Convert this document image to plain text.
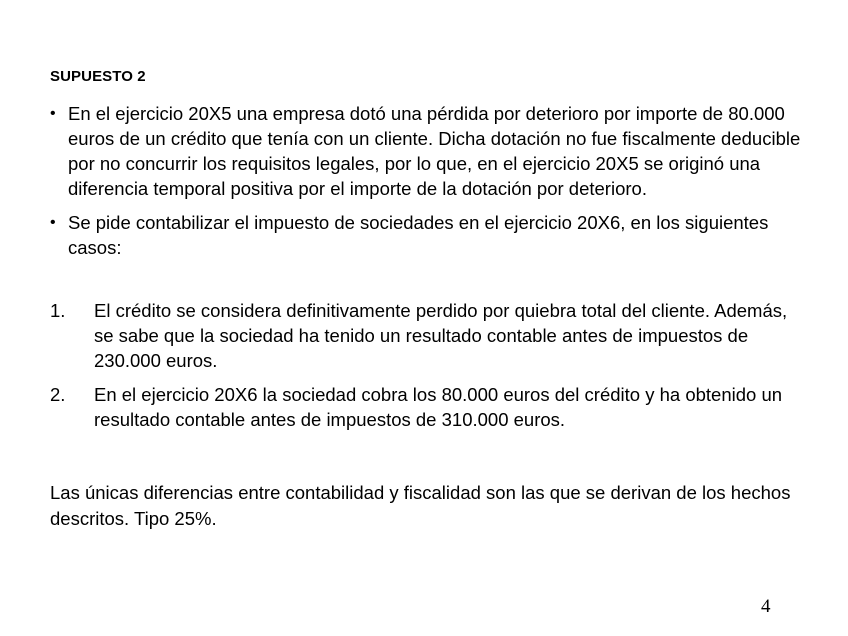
SUPUESTO 2
• En el ejercicio 20X5 una empresa dotó una pérdida por deterioro por importe de 80.000 euros de un crédito que tenía con un cliente. Dicha dotación no fue fiscalmente deducible por no concurrir los requisitos legales, por lo que, en el ejercicio 20X5 se originó una diferencia temporal positiva por el importe de la dotación por deterioro.
• Se pide contabilizar el impuesto de sociedades en el ejercicio 20X6, en los siguientes casos:
1. El crédito se considera definitivamente perdido por quiebra total del cliente. Además, se sabe que la sociedad ha tenido un resultado contable antes de impuestos de 230.000 euros.
2. En el ejercicio 20X6 la sociedad cobra los 80.000 euros del crédito y ha obtenido un resultado contable antes de impuestos de 310.000 euros.

Las únicas diferencias entre contabilidad y fiscalidad son las que se derivan de los hechos descritos. Tipo 25%.

4
